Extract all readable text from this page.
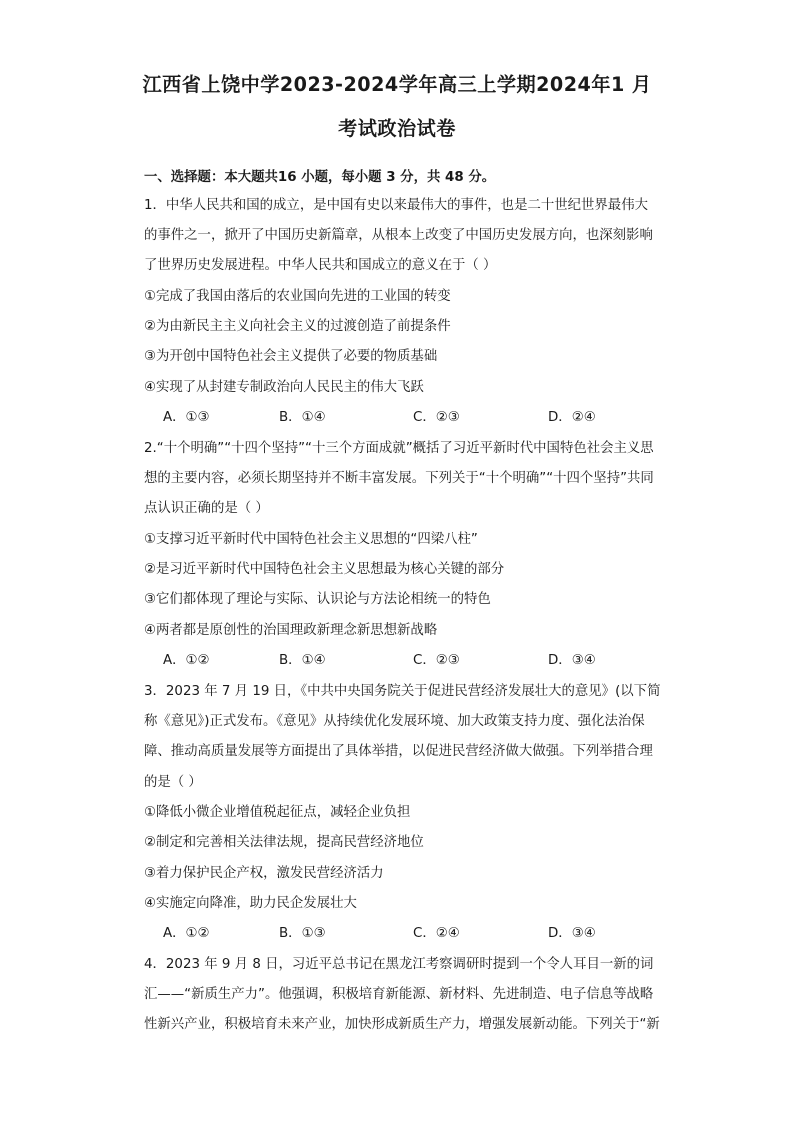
江西省上饶中学2023-2024学年高三上学期2024年1 月
考试政治试卷
一、选择题：本大题共16 小题，每小题 3 分，共 48 分。
1．中华人民共和国的成立，是中国有史以来最伟大的事件，也是二十世纪世界最伟大
的事件之一，掀开了中国历史新篇章，从根本上改变了中国历史发展方向，也深刻影响
了世界历史发展进程。中华人民共和国成立的意义在于（ ）
①完成了我国由落后的农业国向先进的工业国的转变
②为由新民主主义向社会主义的过渡创造了前提条件
③为开创中国特色社会主义提供了必要的物质基础
④实现了从封建专制政治向人民民主的伟大飞跃
A．①③	B．①④	C．②③	D．②④
2.“十个明确”“十四个坚持”“十三个方面成就”概括了习近平新时代中国特色社会主义思
想的主要内容，必须长期坚持并不断丰富发展。下列关于“十个明确”“十四个坚持”共同
点认识正确的是（ ）
①支撑习近平新时代中国特色社会主义思想的“四梁八柱”
②是习近平新时代中国特色社会主义思想最为核心关键的部分
③它们都体现了理论与实际、认识论与方法论相统一的特色
④两者都是原创性的治国理政新理念新思想新战略
A．①②	B．①④	C．②③	D．③④
3．2023 年 7 月 19 日，《中共中央国务院关于促进民营经济发展壮大的意见》(以下简
称《意见》)正式发布。《意见》从持续优化发展环境、加大政策支持力度、强化法治保
障、推动高质量发展等方面提出了具体举措，以促进民营经济做大做强。下列举措合理
的是（ ）
①降低小微企业增值税起征点，减轻企业负担
②制定和完善相关法律法规，提高民营经济地位
③着力保护民企产权，激发民营经济活力
④实施定向降准，助力民企发展壮大
A．①②	B．①③	C．②④	D．③④
4．2023 年 9 月 8 日，习近平总书记在黑龙江考察调研时提到一个令人耳目一新的词
汇——“新质生产力”。他强调，积极培育新能源、新材料、先进制造、电子信息等战略
性新兴产业，积极培育未来产业，加快形成新质生产力，增强发展新动能。下列关于“新
